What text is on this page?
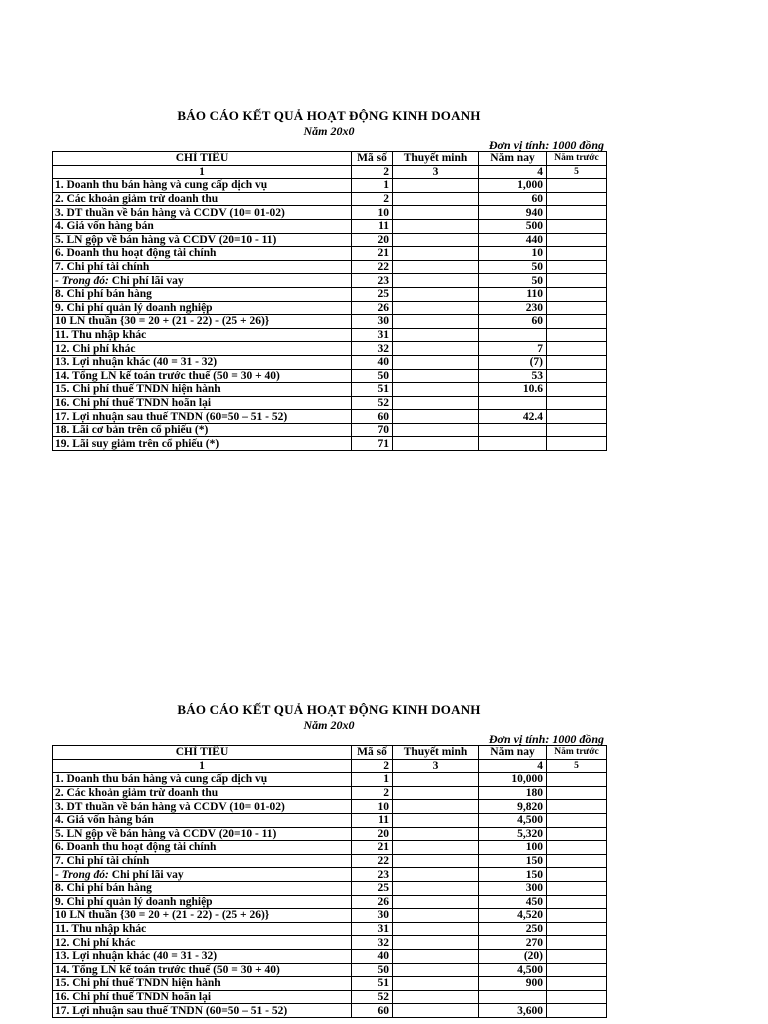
BÁO CÁO KẾT QUẢ HOẠT ĐỘNG KINH DOANH
Năm 20x0
Đơn vị tính: 1000 đồng
CHỈ TIÊU	Mã số	Thuyết minh	Năm nay	Năm trước
1	2	3	4	5
1. Doanh thu bán hàng và cung cấp dịch vụ	1		1,000	
2. Các khoản giảm trừ doanh thu	2		60	
3. DT thuần về bán hàng và CCDV (10= 01-02)	10		940	
4. Giá vốn hàng bán	11		500	
5. LN gộp về bán hàng và CCDV (20=10 - 11)	20		440	
6. Doanh thu hoạt động tài chính	21		10	
7. Chi phí tài chính	22		50	
- Trong đó: Chi phí lãi vay	23		50	
8. Chi phí bán hàng	25		110	
9. Chi phí quản lý doanh nghiệp	26		230	
10 LN thuần {30 = 20 + (21 - 22) - (25 + 26)}	30		60	
11. Thu nhập khác	31			
12. Chi phí khác	32		7	
13. Lợi nhuận khác (40 = 31 - 32)	40		(7)	
14. Tổng LN kế toán trước thuế (50 = 30 + 40)	50		53	
15. Chi phí thuế TNDN hiện hành	51		10.6	
16. Chi phí thuế TNDN hoãn lại	52			
17. Lợi nhuận sau thuế TNDN (60=50 – 51 - 52)	60		42.4	
18. Lãi cơ bản trên cổ phiếu (*)	70			
19. Lãi suy giảm trên cổ phiếu (*)	71			
BÁO CÁO KẾT QUẢ HOẠT ĐỘNG KINH DOANH
Năm 20x0
Đơn vị tính: 1000 đồng
CHỈ TIÊU	Mã số	Thuyết minh	Năm nay	Năm trước
1	2	3	4	5
1. Doanh thu bán hàng và cung cấp dịch vụ	1		10,000	
2. Các khoản giảm trừ doanh thu	2		180	
3. DT thuần về bán hàng và CCDV (10= 01-02)	10		9,820	
4. Giá vốn hàng bán	11		4,500	
5. LN gộp về bán hàng và CCDV (20=10 - 11)	20		5,320	
6. Doanh thu hoạt động tài chính	21		100	
7. Chi phí tài chính	22		150	
- Trong đó: Chi phí lãi vay	23		150	
8. Chi phí bán hàng	25		300	
9. Chi phí quản lý doanh nghiệp	26		450	
10 LN thuần {30 = 20 + (21 - 22) - (25 + 26)}	30		4,520	
11. Thu nhập khác	31		250	
12. Chi phí khác	32		270	
13. Lợi nhuận khác (40 = 31 - 32)	40		(20)	
14. Tổng LN kế toán trước thuế (50 = 30 + 40)	50		4,500	
15. Chi phí thuế TNDN hiện hành	51		900	
16. Chi phí thuế TNDN hoãn lại	52			
17. Lợi nhuận sau thuế TNDN (60=50 – 51 - 52)	60		3,600	
